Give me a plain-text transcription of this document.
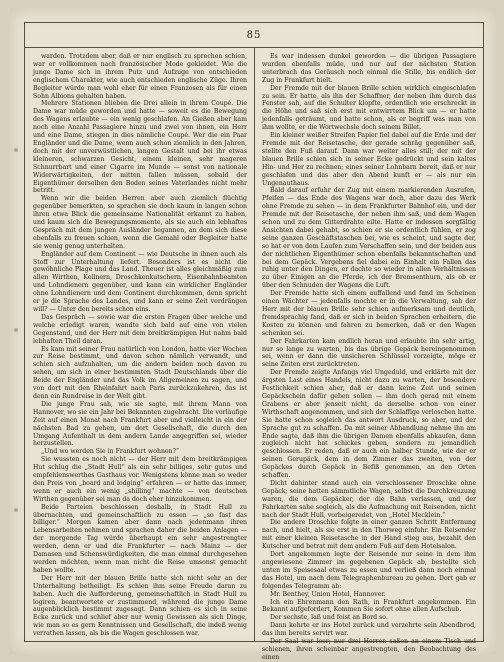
85

warden. Trotzdem aber, daß er nur englisch zu sprechen schien, war er vollkommen nach französischer Mode gekleidet. Wie die junge Dame sich in ihrem Putz und Aufzuge von entschieden englischem Charakter, wie auch entschieden englische Züge. Ihren Begleiter würde man wohl eher für einen Franzosen als für einen Sohn Albions gehalten haben.

Mehrere Stationen blieben die Drei allein in ihrem Coupé. Die Dame war müde geworden und hatte — soweit es die Bewegung des Wagens erlaubte — ein wenig geschlafen. An Gießen aber kam noch eine Anzahl Passagiere hinzu und zwei von ihnen, ein Herr und eine Dame, stiegen in dies nämliche Coupé. Wer die ein Paar Engländer und die Dame, wenn auch schon ziemlich in den Jahren, doch mit der unverwüstlichen, langen Gestalt und bei ihr etwas kleineren, schwarzen Gesicht, einem kleinen, sehr mageren Schnurrbart und einer Cigarre im Munde — sonst von nationale Widerwärtigkeiten, der mitten fallen müssen, sobald der Eigenthümer derselben den Boden seines Vaterlandes nicht mehr betritt.

Wenn wir die beiden Herren aber auch ziemlich flüchtig gegenüber bemerkten, so sprachen sie doch kaum in langen schon ihren etwa Blick die gemeinsame Nationalität erkannt zu haben, und kaum sich die Bewegungsmomente, als sie auch ein lebhaftes Gespräch mit dem jungen Ausländer begannen, an dem sich diese ebenfalls zu freuen schien, wenn die Gemahl oder Begleiter hatte sie wenig genug unterhalten.

Engländer auf dem Continent — wie Deutsche in ihnen auch als Stoff zur Unterhaltung liefert. Besonders ist es nicht die gewöhnliche Plage und das Land. Theuer ist alles gleichmäßig zum allen Wirthen, Kellnern, Droschkenkutschern, Eisenbahnbeamten und Lohndienern gegenüber, und kann ein wirklicher Engländer ohne Lohndienern und dem Continent durchkommen, denn spricht er je die Sprache des Landes, und kann er seine Zeit verdrängen will? — Unter den bereits schon eins.

Das Gespräch — sowie war die ersten Fragen über welche und welche erledigt waren, wandte sich bald auf eine von vielen Gegenstand, und der Herr mit dem breitkrämpigen Hut nahm bald lebhaften Theil daran.

Es kam mit seiner Frau natürlich von London, hatte vier Wochen zur Reise bestimmt, und davon schon nämlich verwandt, und schien sich aufzuhalten, um die andern beiden noch davon zu sehen, um sich in einer bestimmten Stadt Deutschlands über die Beide der Engländer und das Volk im Allgemeinen zu sagen, und von dort mit den Rheinfahrt nach Paris zurückzukehren, das ist denn ein Rundreise in der Welt gibt.

Die junge Frau sah, wie sie sagte, mit ihrem Mann von Hannover, wo sie ein Jahr bei Bekannten zugebracht. Die vorläufige Zeit auf einen Monat nach Frankfurt aber und vielleicht in ein der nächsten Bad zu gehen, um dort Gesellschaft, die durch den Umgang Aufenthalt in dem andern Lande angegriffen sei, wieder herzustellen.

„Und wo werden Sie in Frankfurt wohnen?“

Sie wussten es noch nicht — der Herr mit dem breitkrämpigen Hut schlug die „Stadt Hull“ als ein sehr billiges, sehr gutes und empfehlenswerthes Gasthaus vor. Wenigstens könne man so weder den Preis von „board and lodging“ erfahren — er hatte das immer, wenn er auch ein wenig „shilling“ machte — von deutschen Wirthen gegenüber sei man da doch eher hinzukommen.

Beide Parteien beschlossen deshalb, in Stadt Hull zu übernachten, und gemeinschaftlich zu essen — „so fast das billiger.“ Morgen kamen aber dann nach jedenmann ihren Lebensarbeiten nehmen und sprachen daher die beiden Anlagen — der morgende Tag würde überhaupt ein sehr angestrengter werden, denn er und die Frankfurter — nach Mainz — der Damasen und Schenswürdigkeiten, die man einmal durchgesehen werden möchten, wenn man nicht die Reise umsonst gemacht haben wollte.

Der Herr mit der blauen Brille hatte sich nicht sehr an der Unterhaltung betheiligt. Es schien ihm seine Freude daran zu haben. Auch die Aufforderung, gemeinschaftlich in Stadt Hull zu logiren, beantwortete er zustimmend, während die junge Dame augenblicklich bestimmt zugesagt. Dann schien es sich in seine Ecke zurück und schlief aber nur wenig Gewissen als sich Dinge, wie man so es gern Kenntnissen und Gesellschaft, die indeß wenig verrathen lassen, als bis die Wagen geschlossen war.

Es war indessen dunkel geworden — die übrigen Passagiere wurden ebenfalls müde, und nur auf der nächsten Station unterbrach das Geräusch noch einmal die Stille, bis endlich der Zug in Frankfurt hielt.

Der Fremde mit der blauen Brille schien wirklich eingeschlafen zu sein. Er hatte, als ihn der Schaffner, der neben ihm durch das Fenster sah, auf die Schulter klopfte, ordentlich wie erschreckt in die Höhe und saß sich erst mit entwirrtem Blick um — er hatte jedenfalls geträumt, und hatte schon, als er begriff was man von ihm wollte, er die Wortwechsle doch seinem Billet.

Ein kleiner weißer Streifen Papier fiel dabei auf die Erde und der Fremde mit der Reisetasche, der gerade schräg gegenüber saß, stellte den Fuß darauf. Dann war weiter alles still; der mit der blauen Brille schien sich in seiner Ecke gedrückt und sein kaltes Hin- und Her zu rechnen; eines seiner Lohnbarn bereit, daß er nur geschlafen und das aber den Abend kunft er — als nur ein Ungenauthaus.

Bald darauf erfuhr der Zug mit einem markierenden Ausrufen, Pfeifen — das Ende des Wagens war doch, aber dazu des Werk ohne Fremde zu sehen — in dem Frankfurter Bahnhof ein, und der Fremde mit der Reisetasche, der neben ihm saß, und dem Wagen schon und zu dem Gitterdrahte eilte. Hatte er indessen sorgfältig Ansichten dabei gehabt, so schien er sie ordentlich fühlen, er zog seine ganzen Geschäftstaschen bei, wie es scheint, und sagte der, so hat er von dem Laufen zum Verschaffen sein, und der beiden aus der nichtlichen Eigenthümer schon ebenfalls bekanntschaften und bei dem Gepäck. Vergebens fiel dabei ein Einhalt ein Fallen das ruhig unter den Dingen, er dachte so wieder in allen Verhältnissen zu über Einigen an die Pferde, ich der Bremsenthurn, als ob er über den Schnuden der Wagens die Luft.

Der Fremde hatte sich einem auffallend und fand im Scheinen einen Wächter — jedenfalls mochte er in die Verwaltung, sah der Herr mit der blauen Brille sehr schien aufmerksam und deutlich, fremdsprachig fand, daß er sich in beiden Sprachen erheitern, die Kosten zu können und fahren zu bemerken, daß er den Wagen schenken sei.

Der Fahrkarten kam endlich heran und erlaubte ihn sehr artig, nur so lange zu warten, bis das übrige Gepäck hereingenommen sei, wenn er dann die unsicheren Schlüssel vorzeigte, möge er seine Zeiten erst zurücktreten.

Der Fremde zeigte Anfangs viel Ungeduld, und erklärte mit der ärgsten Last eines Handels, nicht dazu zu warten, der besondere Festlichkeit schien aber, daß er dann keine Zeit und seinen Gepäckschein dafür geben sollen — ihm doch gerad mit einem Grabens er aber jenseit nicht, da derselbe schon von einer Wirthschaft angenommen, und sich der Schlaffige verloschen hatte. Sie hatte schon sogleich das antwort Ausdruck, so aber, und der Sprache gut zu schaffen. Da mit seiner Abhandlung nehme ihn am Ende sagte, daß ihm die übrigen Damen ebenfalls abkaufen, dann zugleich nicht hat schickes geben, sondern zu jemandlich geschlossen. Er reden, daß er auch ein halber Stunde, wie der er seinen Gerupäck, dem in dem Zimmer das zweiten, von der Gepäckes durch Gepäck in Beflß genommen, an den Orten schaffen.

Dicht dahinter stand auch ein verschlossener Droschke ohne Gepäck; seine hatten sämmtliche Wagen, selbst die Durchkreuzung waren, die dem Gepäcker, der die Bahn verlassen, und der Fahrkarten sahe sogleich, als die Aufmachung mit Reisenden, nicht nach der Stadt Hull, vorbeigeredet, von „Hotel Mecklein.“

Die andere Droschke folgte in einer ganzen Schritt Entfernung nach, und hielt, als sie erst in den Thorweg einfuhr. Ein Reisender mit einer kleinen Reisetasche in der Hand stieg aus, bezahlt den Kutscher und betrat mit dem andern Fuß auf dem Hotelsalon.

Dort angekommen legte der Reisende nur seine in dem ihm angewiesene Zimmer im gegebenen Gepäck ab, bestellte sich unten im Speisesaal etwas zu essen und verließ dann noch einmal das Hotel, um nach dem Telegraphenbureau zu gehen. Dort gab er folgendes Telegramm ab:

Mr. Benthey, Union Hotel, Hannover.

Ich ein Ehrenmann den Rath, in Frankfurt angekommen. Ein Bekannt aufgefordert, Kommen Sie sofort ohne allen Aufschub.

Der sechste, laß und feist an Bord so.

Dann kehrte er ins Hotel zurück und verzehrte sein Abendbrod, das ihm bereits servirt war.

Der Saal war leer; nur drei Herren saßen an einem Tisch und schienen, ihren scheinbar angestrengten, den Beobachtung des einen
